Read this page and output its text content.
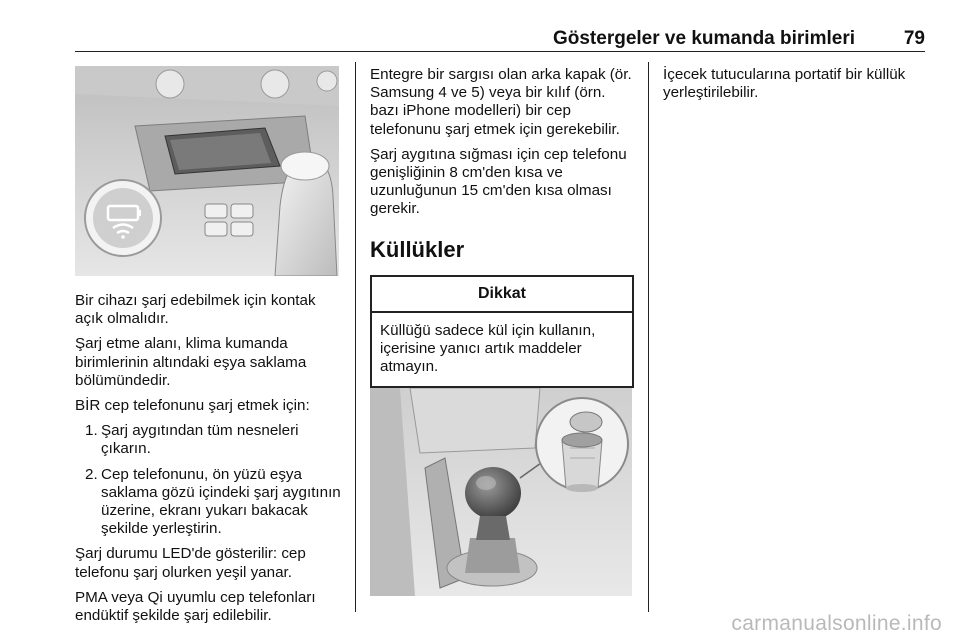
Göstergeler ve kumanda birimleri	79

Bir cihazı şarj edebilmek için kontak açık olmalıdır.

Şarj etme alanı, klima kumanda birimlerinin altındaki eşya saklama bölümündedir.

BİR cep telefonunu şarj etmek için:

1. Şarj aygıtından tüm nesneleri çıkarın.
2. Cep telefonunu, ön yüzü eşya saklama gözü içindeki şarj aygıtının üzerine, ekranı yukarı bakacak şekilde yerleştirin.

Şarj durumu LED'de gösterilir: cep telefonu şarj olurken yeşil yanar.

PMA veya Qi uyumlu cep telefonları endüktif şekilde şarj edilebilir.

Entegre bir sargısı olan arka kapak (ör. Samsung 4 ve 5) veya bir kılıf (örn. bazı iPhone modelleri) bir cep telefonunu şarj etmek için gerekebilir.

Şarj aygıtına sığması için cep telefonu genişliğinin 8 cm'den kısa ve uzunluğunun 15 cm'den kısa olması gerekir.

Küllükler
Dikkat
Küllüğü sadece kül için kullanın, içerisine yanıcı artık maddeler atmayın.

İçecek tutucularına portatif bir küllük yerleştirilebilir.

carmanualsonline.info
